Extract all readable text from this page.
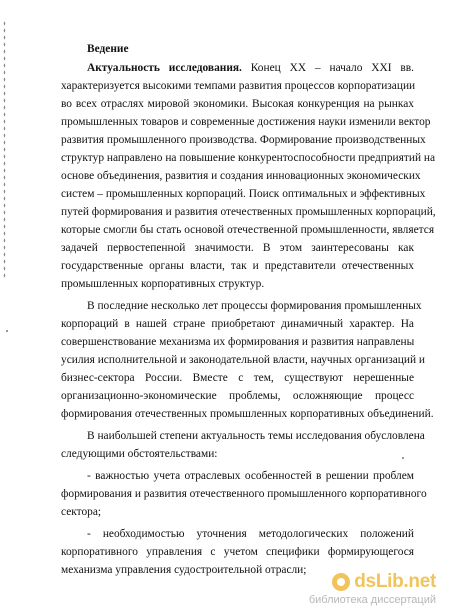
Ведение
Актуальность исследования. Конец XX – начало XXI вв.
характеризуется высокими темпами развития процессов корпоратизации
во всех отраслях мировой экономики. Высокая конкуренция на рынках
промышленных товаров и современные достижения науки изменили вектор
развития промышленного производства. Формирование производственных
структур направлено на повышение конкурентоспособности предприятий на
основе объединения, развития и создания инновационных экономических
систем – промышленных корпораций. Поиск оптимальных и эффективных
путей формирования и развития отечественных промышленных корпораций,
которые смогли бы стать основой отечественной промышленности, является
задачей первостепенной значимости. В этом заинтересованы как
государственные органы власти, так и представители отечественных
промышленных корпоративных структур.
В последние несколько лет процессы формирования промышленных
корпораций в нашей стране приобретают динамичный характер. На
совершенствование механизма их формирования и развития направлены
усилия исполнительной и законодательной власти, научных организаций и
бизнес-сектора России. Вместе с тем, существуют нерешенные
организационно-экономические проблемы, осложняющие процесс
формирования отечественных промышленных корпоративных объединений.
В наибольшей степени актуальность темы исследования обусловлена
следующими обстоятельствами:
- важностью учета отраслевых особенностей в решении проблем
формирования и развития отечественного промышленного корпоративного
сектора;
- необходимостью уточнения методологических положений
корпоративного управления с учетом специфики формирующегося
механизма управления судостроительной отрасли;
dsLib.net
библиотека диссертаций
